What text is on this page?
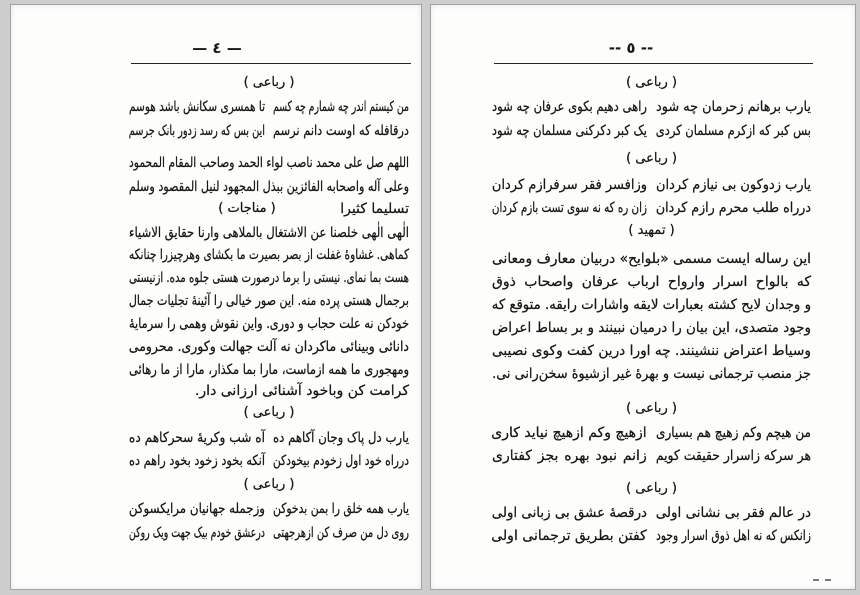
— ٤ —
( رباعی )
من کیستم اندر چه شمارم چه کسم
تا همسری سکانش باشد هوسم
درقافله که اوست دانم نرسم
این بس که رسد زدور بانک جرسم
اللهم صل علی محمد ناصب لواء الحمد وصاحب المقام المحمود
وعلی آله واصحابه الفائزین ببذل المجهود لنیل المقصود وسلم
تسلیما کثیرا
( مناجات )
الٰهی الٰهی خلصنا عن الاشتغال بالملاهی وارنا حقایق الاشیاء
کماهی. غشاوهٔ غفلت از بصر بصیرت ما بکشای وهرچیزرا چنانکه
هست بما نمای. نیستی را برما درصورت هستی جلوه مده. ازنیستی
برجمال هستی پرده منه. این صور خیالی را آئینهٔ تجلیات جمال
خودکن نه علت حجاب و دوری. واین نقوش وهمی را سرمایهٔ
دانائی وبینائی ماکردان نه آلت جهالت وکوری. محرومی
ومهجوری ما همه ازماست، مارا بما مکذار، مارا از ما رهائی
کرامت کن وباخود آشنائی ارزانی دار.
( رباعی )
یارب دل پاک وجان آکاهم ده
آه شب وکریهٔ سحرکاهم ده
درراه خود اول زخودم بیخودکن
آنکه بخود زخود بخود راهم ده
( رباعی )
یارب همه خلق را بمن بدخوکن
وزجمله جهانیان مرایکسوکن
روی دل من صرف کن ازهرجهتی
درعشق خودم بیک جهت ویک روکن
-- ٥ --
( رباعی )
یارب برهانم زحرمان چه شود
راهی دهیم بکوی عرفان چه شود
بس کبر که ازکرم مسلمان کردی
یک کبر دکرکنی مسلمان چه شود
( رباعی )
یارب زدوکون بی نیازم کردان
وزافسر فقر سرفرازم کردان
درراه طلب محرم رازم کردان
زان ره که نه سوی تست بازم کردان
( تمهید )
این رساله ایست مسمی «بلوایح» دربیان معارف ومعانی
که بالواح اسرار وارواح ارباب عرفان واصحاب ذوق
و وجدان لایح کشته بعبارات لایقه واشارات رایقه. متوقع که
وجود متصدی، این بیان را درمیان نبینند و بر بساط اعراض
وسیاط اعتراض ننشینند. چه اورا درین کفت وکوی نصیبی
جز منصب ترجمانی نیست و بهرهٔ غیر ازشیوهٔ سخن‌رانی نی.
( رباعی )
من هیچم وکم زهیچ هم بسیاری
ازهیچ وکم ازهیچ نیاید کاری
هر سرکه زاسرار حقیقت کویم
زانم نبود بهره بجز کفتاری
( رباعی )
در عالم فقر بی نشانی اولی
درقصهٔ عشق بی زبانی اولی
زانکس که نه اهل ذوق اسرار وجود
کفتن بطریق ترجمانی اولی
